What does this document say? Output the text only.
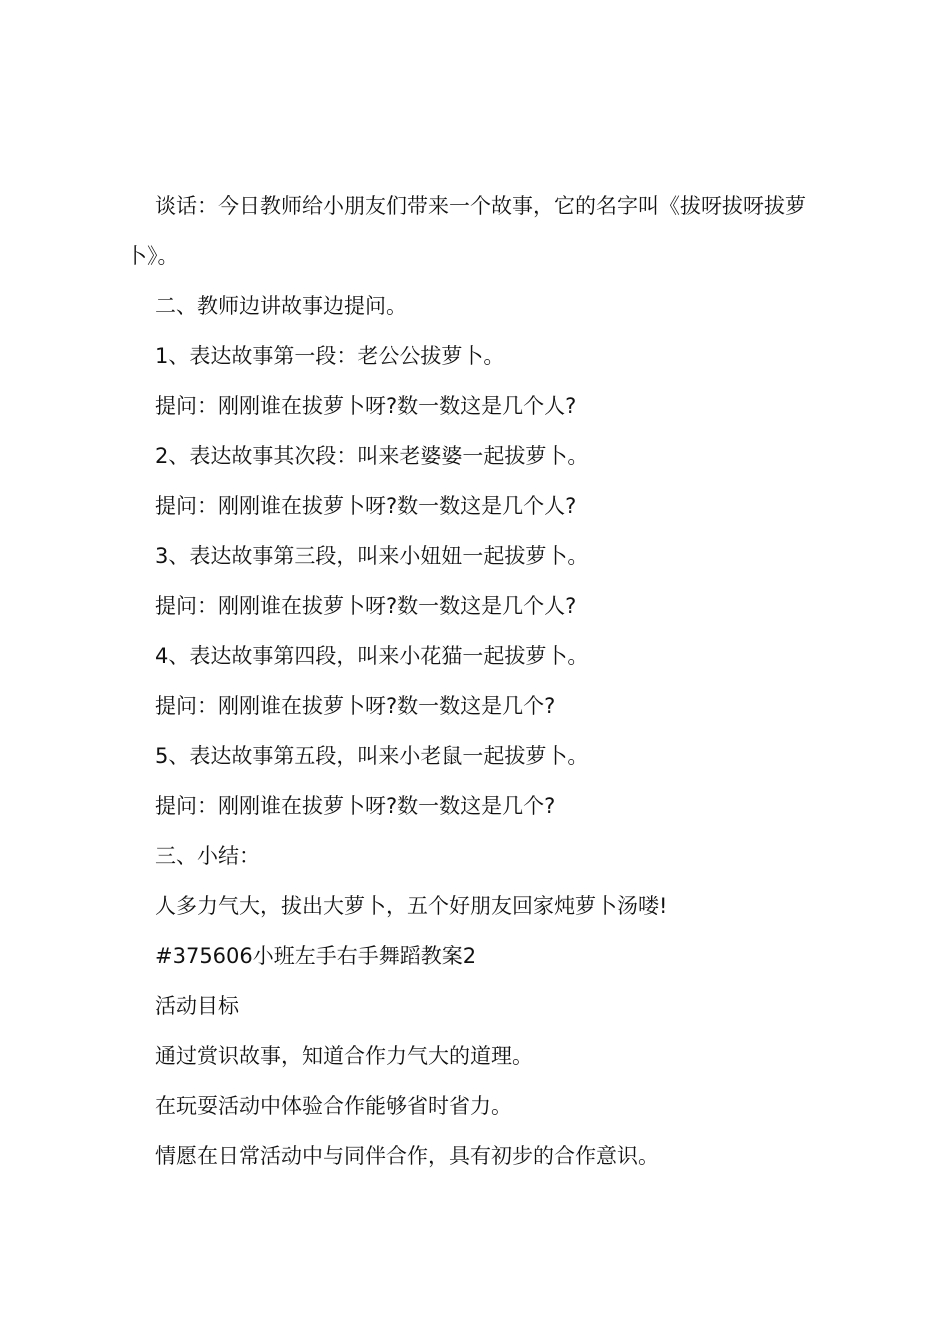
谈话：今日教师给小朋友们带来一个故事，它的名字叫《拔呀拔呀拔萝卜》。

二、教师边讲故事边提问。

1、表达故事第一段：老公公拔萝卜。

提问：刚刚谁在拔萝卜呀?数一数这是几个人?

2、表达故事其次段：叫来老婆婆一起拔萝卜。

提问：刚刚谁在拔萝卜呀?数一数这是几个人?

3、表达故事第三段，叫来小妞妞一起拔萝卜。

提问：刚刚谁在拔萝卜呀?数一数这是几个人?

4、表达故事第四段，叫来小花猫一起拔萝卜。

提问：刚刚谁在拔萝卜呀?数一数这是几个?

5、表达故事第五段，叫来小老鼠一起拔萝卜。

提问：刚刚谁在拔萝卜呀?数一数这是几个?

三、小结：

人多力气大，拔出大萝卜，五个好朋友回家炖萝卜汤喽!

#375606小班左手右手舞蹈教案2

活动目标

通过赏识故事，知道合作力气大的道理。

在玩耍活动中体验合作能够省时省力。

情愿在日常活动中与同伴合作，具有初步的合作意识。
